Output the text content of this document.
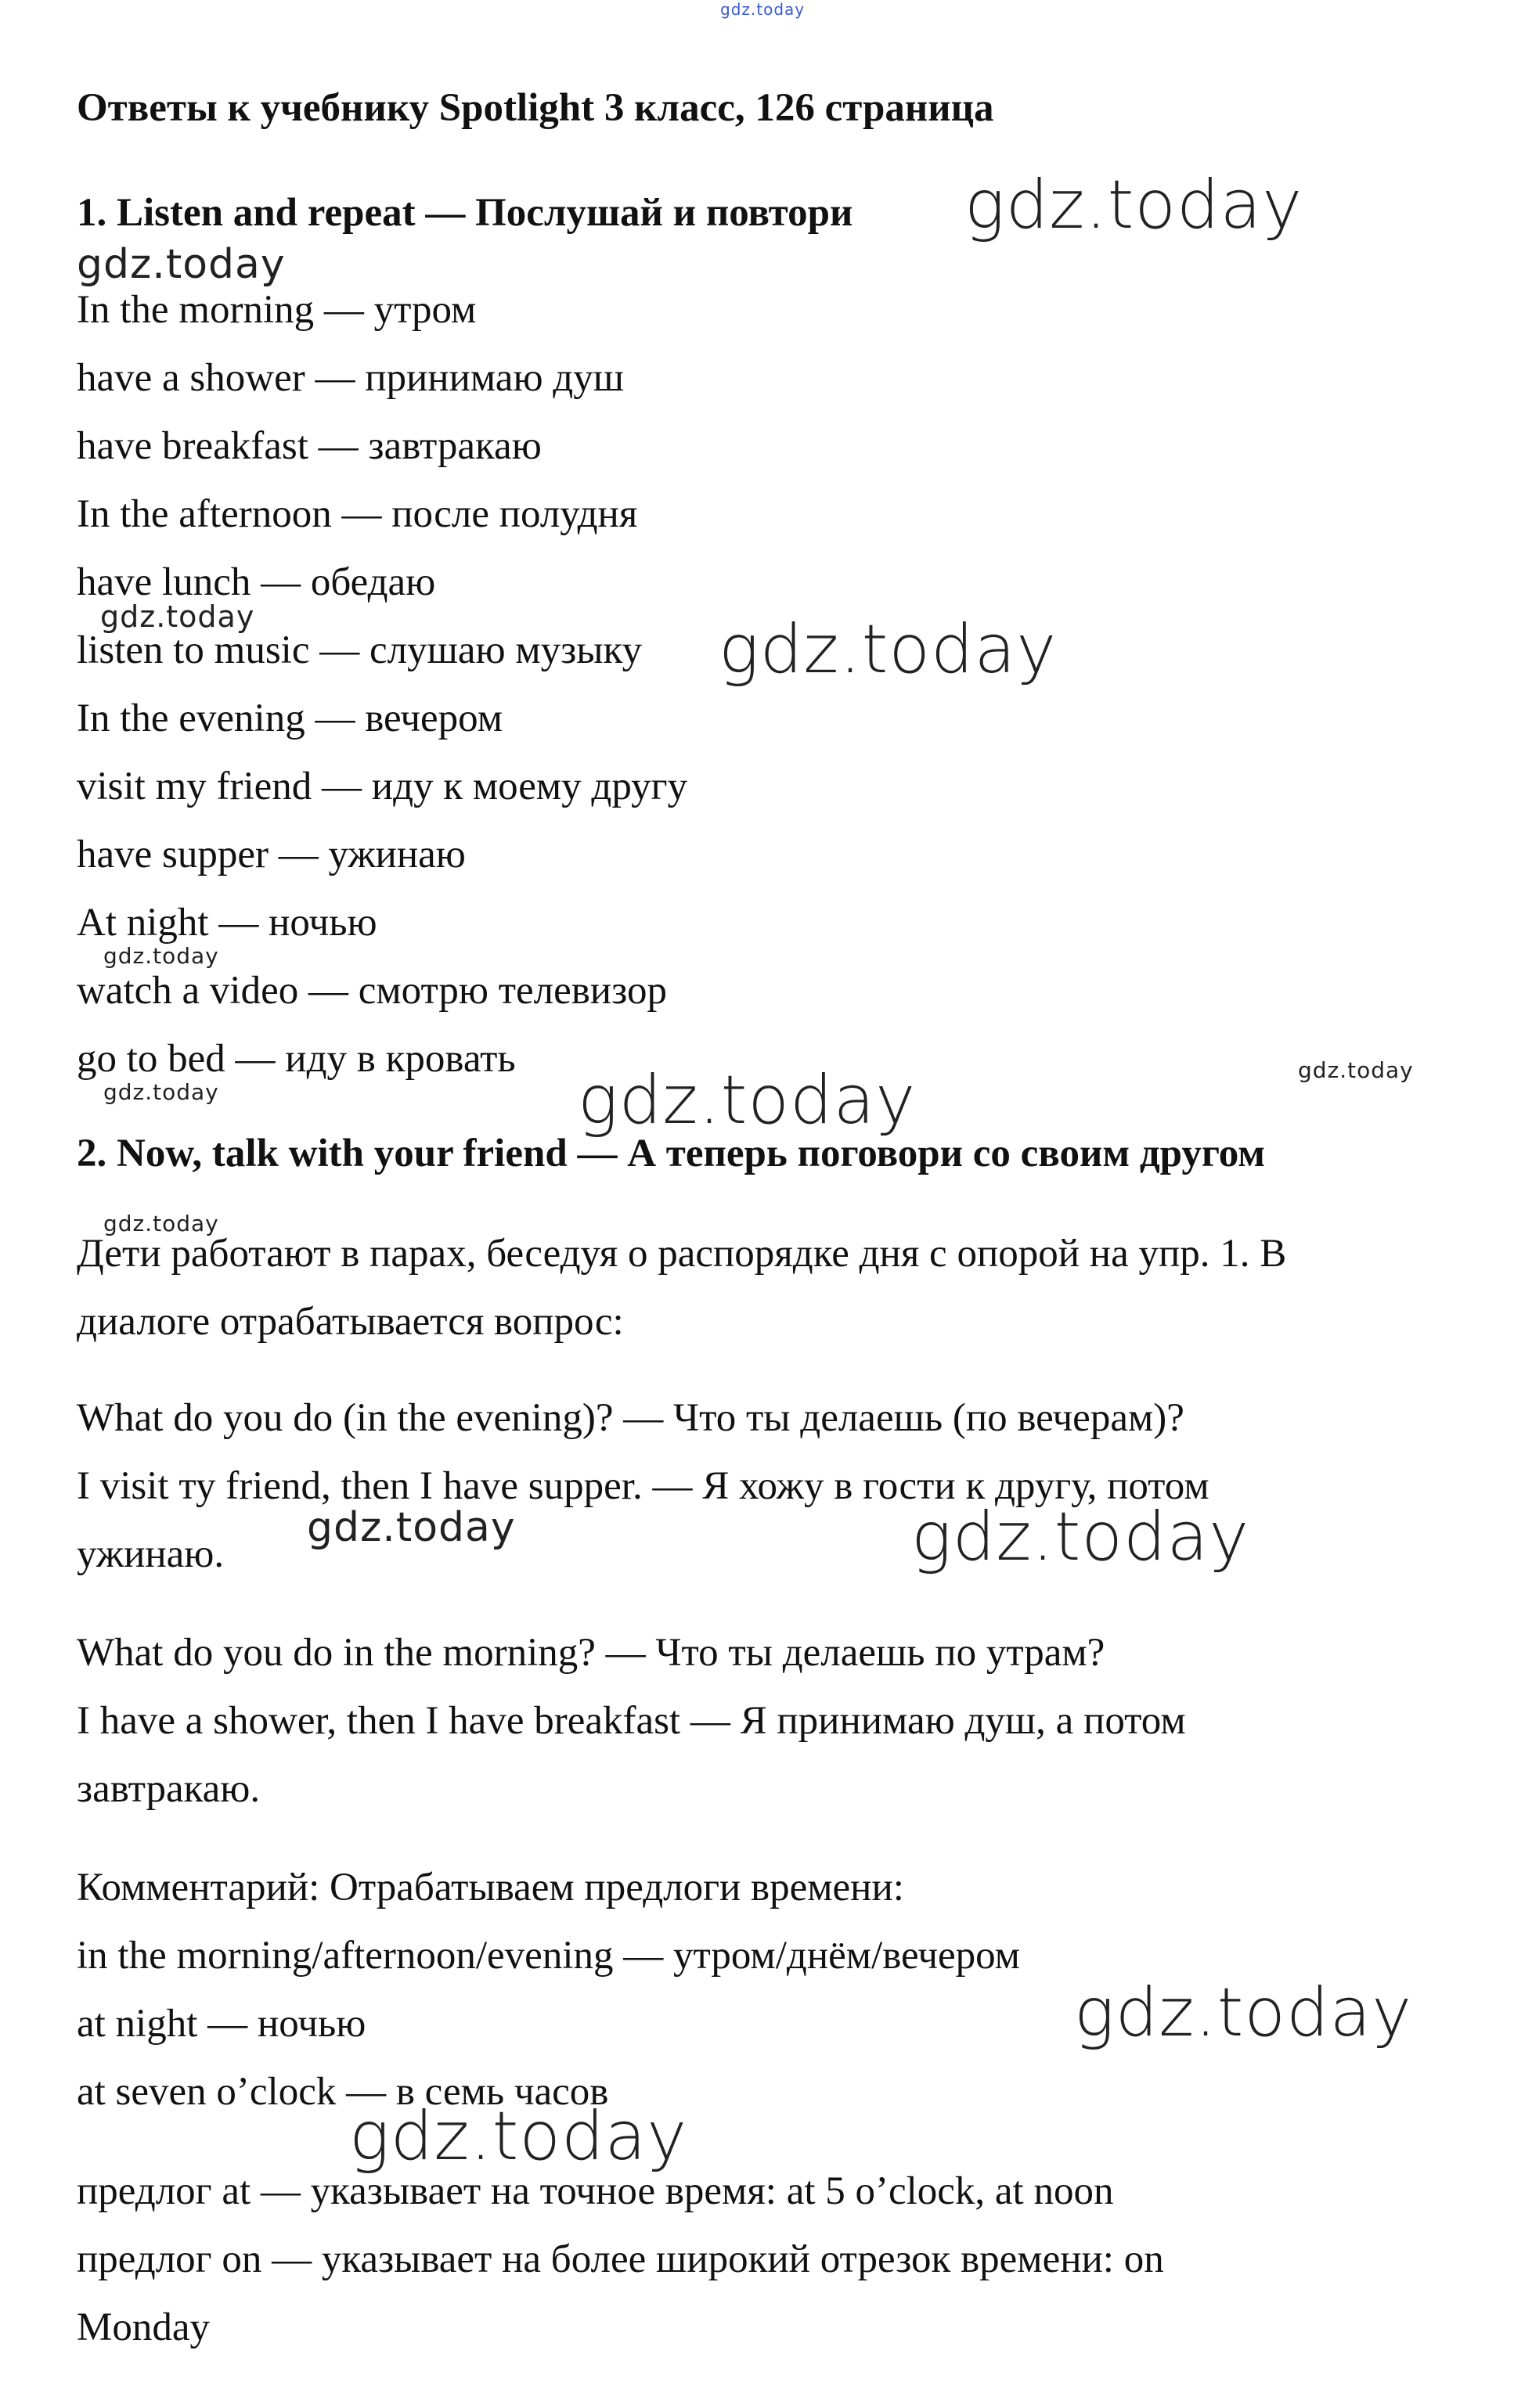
Ответы к учебнику Spotlight 3 класс, 126 страница
1. Listen and repeat — Послушай и повтори
In the morning — утром
have a shower — принимаю душ
have breakfast — завтракаю
In the afternoon — после полудня
have lunch — обедаю
listen to music — слушаю музыку
In the evening — вечером
visit my friend — иду к моему другу
have supper — ужинаю
At night — ночью
watch a video — смотрю телевизор
go to bed — иду в кровать
2. Now, talk with your friend — А теперь поговори со своим другом
Дети работают в парах, беседуя о распорядке дня с опорой на упр. 1. В
диалоге отрабатывается вопрос:
What do you do (in the evening)? — Что ты делаешь (по вечерам)?
I visit ту friend, then I have supper. — Я хожу в гости к другу, потом
ужинаю.
What do you do in the morning? — Что ты делаешь по утрам?
I have a shower, then I have breakfast — Я принимаю душ, а потом
завтракаю.
Комментарий: Отрабатываем предлоги времени:
in the morning/afternoon/evening — утром/днём/вечером
at night — ночью
at seven o’clock — в семь часов
предлог at — указывает на точное время: at 5 o’clock, at noon
предлог on — указывает на более широкий отрезок времени: on
Monday
gdz.today
gdz.today
gdz.today
gdz.today	gdz.today
gdz.today
gdz.today
gdz.today	gdz.today
gdz.today
gdz.today	gdz.today
gdz.today
gdz.today
